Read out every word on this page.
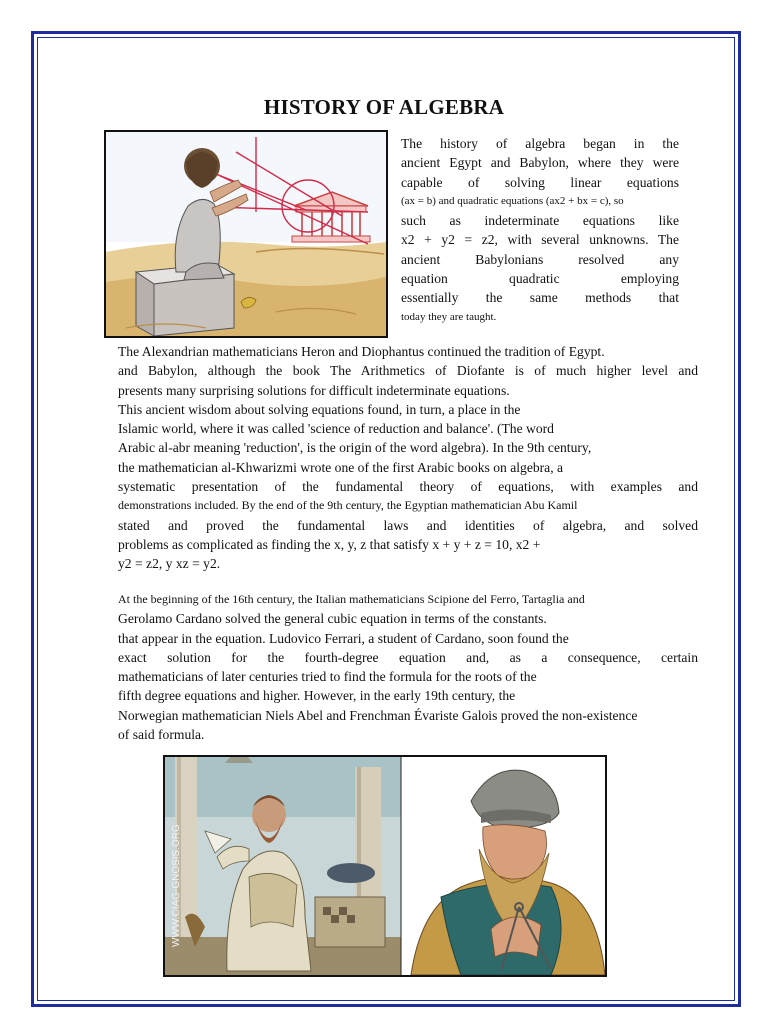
HISTORY OF ALGEBRA
The history of algebra began in the
ancient Egypt and Babylon, where they were
capable of solving linear equations
(ax = b) and quadratic equations (ax2 + bx = c), so
such as indeterminate equations like
x2 + y2 = z2, with several unknowns. The
ancient Babylonians resolved any
equation quadratic employing
essentially the same methods that
today they are taught.
The Alexandrian mathematicians Heron and Diophantus continued the tradition of Egypt.
and Babylon, although the book The Arithmetics of Diofante is of much higher level and
presents many surprising solutions for difficult indeterminate equations.
This ancient wisdom about solving equations found, in turn, a place in the
Islamic world, where it was called 'science of reduction and balance'. (The word
Arabic al-abr meaning 'reduction', is the origin of the word algebra). In the 9th century,
the mathematician al-Khwarizmi wrote one of the first Arabic books on algebra, a
systematic presentation of the fundamental theory of equations, with examples and
demonstrations included. By the end of the 9th century, the Egyptian mathematician Abu Kamil
stated and proved the fundamental laws and identities of algebra, and solved
problems as complicated as finding the x, y, z that satisfy x + y + z = 10, x2 +
y2 = z2, y xz = y2.
At the beginning of the 16th century, the Italian mathematicians Scipione del Ferro, Tartaglia and
Gerolamo Cardano solved the general cubic equation in terms of the constants.
that appear in the equation. Ludovico Ferrari, a student of Cardano, soon found the
exact solution for the fourth-degree equation and, as a consequence, certain
mathematicians of later centuries tried to find the formula for the roots of the
fifth degree equations and higher. However, in the early 19th century, the
Norwegian mathematician Niels Abel and Frenchman Évariste Galois proved the non-existence
of said formula.
WWW.CIAG-GNOSIS.ORG
